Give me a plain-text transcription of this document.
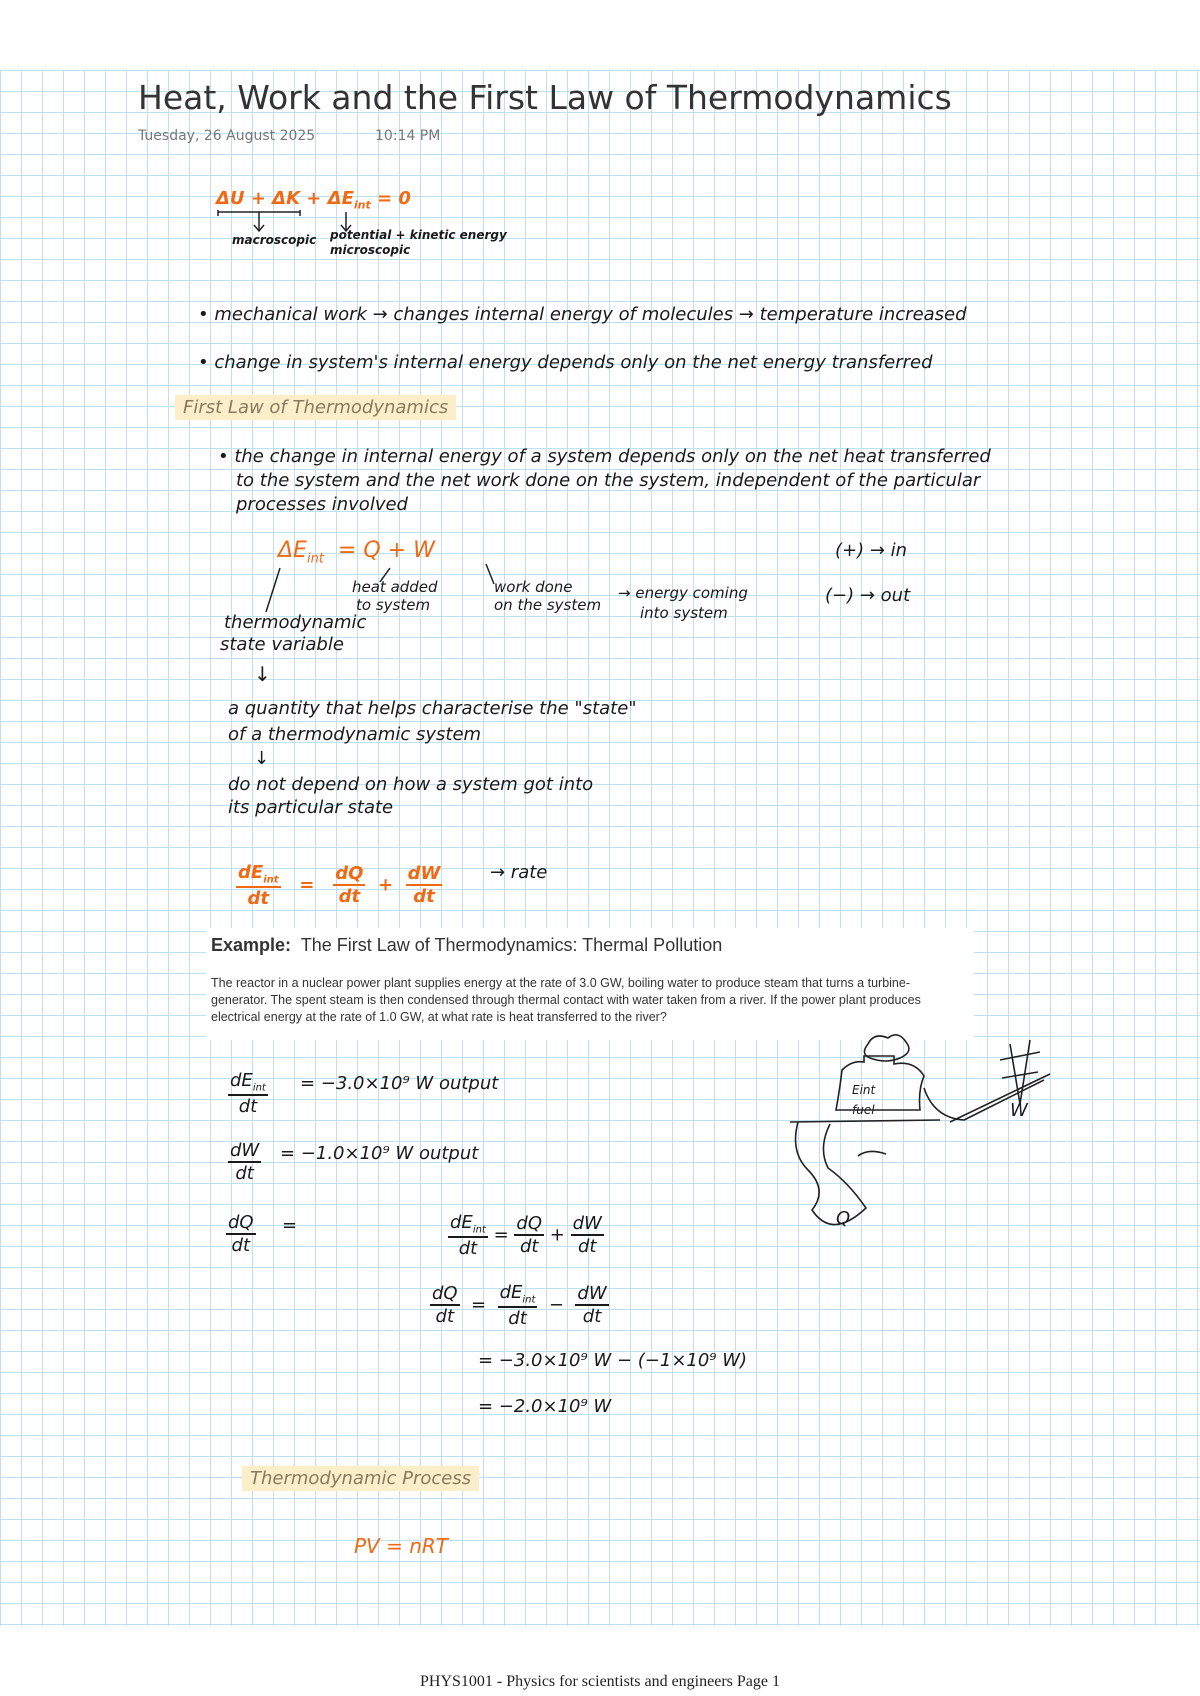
Heat, Work and the First Law of Thermodynamics
Tuesday, 26 August 2025	10:14 PM
$\Delta U + \Delta K + \Delta E_{int} = 0$
macroscopic potential + kinetic energy
microscopic
• mechanical work → changes internal energy of molecules → temperature increased
• change in system's internal energy depends only on the net energy transferred
First Law of Thermodynamics
• the change in internal energy of a system depends only on the net heat transferred
to the system and the net work done on the system, independent of the particular
processes involved
$\Delta E_{int} = Q + W$	(+) → in
(−) → out
heat added
to system
work done
on the system
→ energy coming
into system
thermodynamic
state variable
↓
a quantity that helps characterise the "state"
of a thermodynamic system
↓
do not depend on how a system got into
its particular state
$\frac{dE_{int}}{dt} = \frac{dQ}{dt} + \frac{dW}{dt}$	→ rate
Example: The First Law of Thermodynamics: Thermal Pollution
The reactor in a nuclear power plant supplies energy at the rate of 3.0 GW, boiling water to produce steam that turns a turbine-generator. The spent steam is then condensed through thermal contact with water taken from a river. If the power plant produces electrical energy at the rate of 1.0 GW, at what rate is heat transferred to the river?
$\frac{dE_{int}}{dt} = -3.0\times 10^9$ W output
$\frac{dW}{dt} = -1.0\times 10^9$ W output
$\frac{dQ}{dt}$ =	$\frac{dE_{int}}{dt} = \frac{dQ}{dt} + \frac{dW}{dt}$
$\frac{dQ}{dt} = \frac{dE_{int}}{dt} - \frac{dW}{dt}$
= −3.0×10⁹ W − (−1×10⁹ W)
= −2.0×10⁹ W
Eint
fuel	W
Q
Thermodynamic Process
PV = nRT
PHYS1001 - Physics for scientists and engineers Page 1
